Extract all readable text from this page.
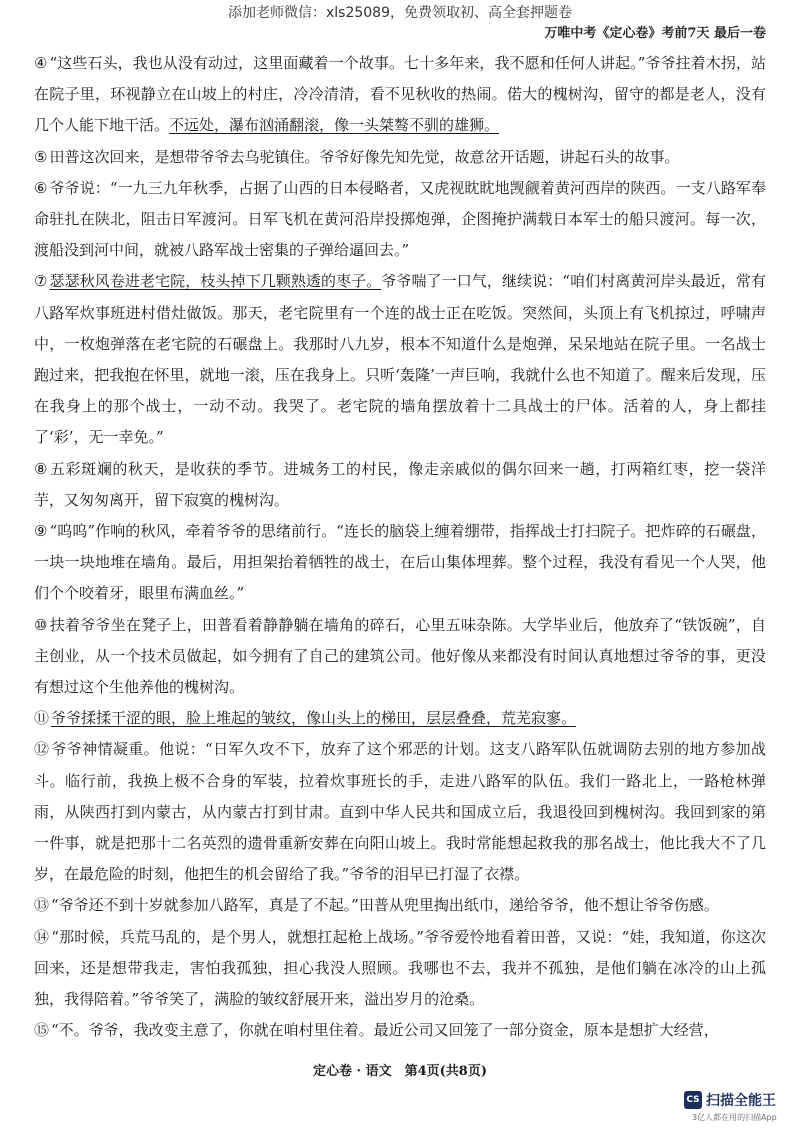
添加老师微信：xls25089，免费领取初、高全套押题卷
万唯中考《定心卷》考前7天 最后一卷

④ “这些石头，我也从没有动过，这里面藏着一个故事。七十多年来，我不愿和任何人讲起。”爷爷拄着木拐，站在院子里，环视静立在山坡上的村庄，冷冷清清，看不见秋收的热闹。偌大的槐树沟，留守的都是老人，没有几个人能下地干活。不远处，瀑布汹涌翻滚，像一头桀骜不驯的雄狮。

⑤ 田普这次回来，是想带爷爷去乌驼镇住。爷爷好像先知先觉，故意岔开话题，讲起石头的故事。

⑥ 爷爷说：“一九三九年秋季，占据了山西的日本侵略者，又虎视眈眈地觊觎着黄河西岸的陕西。一支八路军奉命驻扎在陕北，阻击日军渡河。日军飞机在黄河沿岸投掷炮弹，企图掩护满载日本军士的船只渡河。每一次，渡船没到河中间，就被八路军战士密集的子弹给逼回去。”

⑦ 瑟瑟秋风卷进老宅院，枝头掉下几颗熟透的枣子。爷爷喘了一口气，继续说：“咱们村离黄河岸头最近，常有八路军炊事班进村借灶做饭。那天，老宅院里有一个连的战士正在吃饭。突然间，头顶上有飞机掠过，呼啸声中，一枚炮弹落在老宅院的石碾盘上。我那时八九岁，根本不知道什么是炮弹，呆呆地站在院子里。一名战士跑过来，把我抱在怀里，就地一滚，压在我身上。只听‘轰隆’一声巨响，我就什么也不知道了。醒来后发现，压在我身上的那个战士，一动不动。我哭了。老宅院的墙角摆放着十二具战士的尸体。活着的人，身上都挂了‘彩’，无一幸免。”

⑧ 五彩斑斓的秋天，是收获的季节。进城务工的村民，像走亲戚似的偶尔回来一趟，打两箱红枣，挖一袋洋芋，又匆匆离开，留下寂寞的槐树沟。

⑨ “呜呜”作响的秋风，牵着爷爷的思绪前行。“连长的脑袋上缠着绷带，指挥战士打扫院子。把炸碎的石碾盘，一块一块地堆在墙角。最后，用担架抬着牺牲的战士，在后山集体埋葬。整个过程，我没有看见一个人哭，他们个个咬着牙，眼里布满血丝。”

⑩ 扶着爷爷坐在凳子上，田普看着静静躺在墙角的碎石，心里五味杂陈。大学毕业后，他放弃了“铁饭碗”，自主创业，从一个技术员做起，如今拥有了自己的建筑公司。他好像从来都没有时间认真地想过爷爷的事，更没有想过这个生他养他的槐树沟。

⑪ 爷爷揉揉干涩的眼，脸上堆起的皱纹，像山头上的梯田，层层叠叠，荒芜寂寥。

⑫ 爷爷神情凝重。他说：“日军久攻不下，放弃了这个邪恶的计划。这支八路军队伍就调防去别的地方参加战斗。临行前，我换上极不合身的军装，拉着炊事班长的手，走进八路军的队伍。我们一路北上，一路枪林弹雨，从陕西打到内蒙古，从内蒙古打到甘肃。直到中华人民共和国成立后，我退役回到槐树沟。我回到家的第一件事，就是把那十二名英烈的遗骨重新安葬在向阳山坡上。我时常能想起救我的那名战士，他比我大不了几岁，在最危险的时刻，他把生的机会留给了我。”爷爷的泪早已打湿了衣襟。

⑬ “爷爷还不到十岁就参加八路军，真是了不起。”田普从兜里掏出纸巾，递给爷爷，他不想让爷爷伤感。

⑭ “那时候，兵荒马乱的，是个男人，就想扛起枪上战场。”爷爷爱怜地看着田普，又说：“娃，我知道，你这次回来，还是想带我走，害怕我孤独，担心我没人照顾。我哪也不去，我并不孤独，是他们躺在冰冷的山上孤独，我得陪着。”爷爷笑了，满脸的皱纹舒展开来，溢出岁月的沧桑。

⑮ “不。爷爷，我改变主意了，你就在咱村里住着。最近公司又回笼了一部分资金，原本是想扩大经营，

定心卷 · 语文　第4页(共8页)
CS 扫描全能王
3亿人都在用的扫描App
